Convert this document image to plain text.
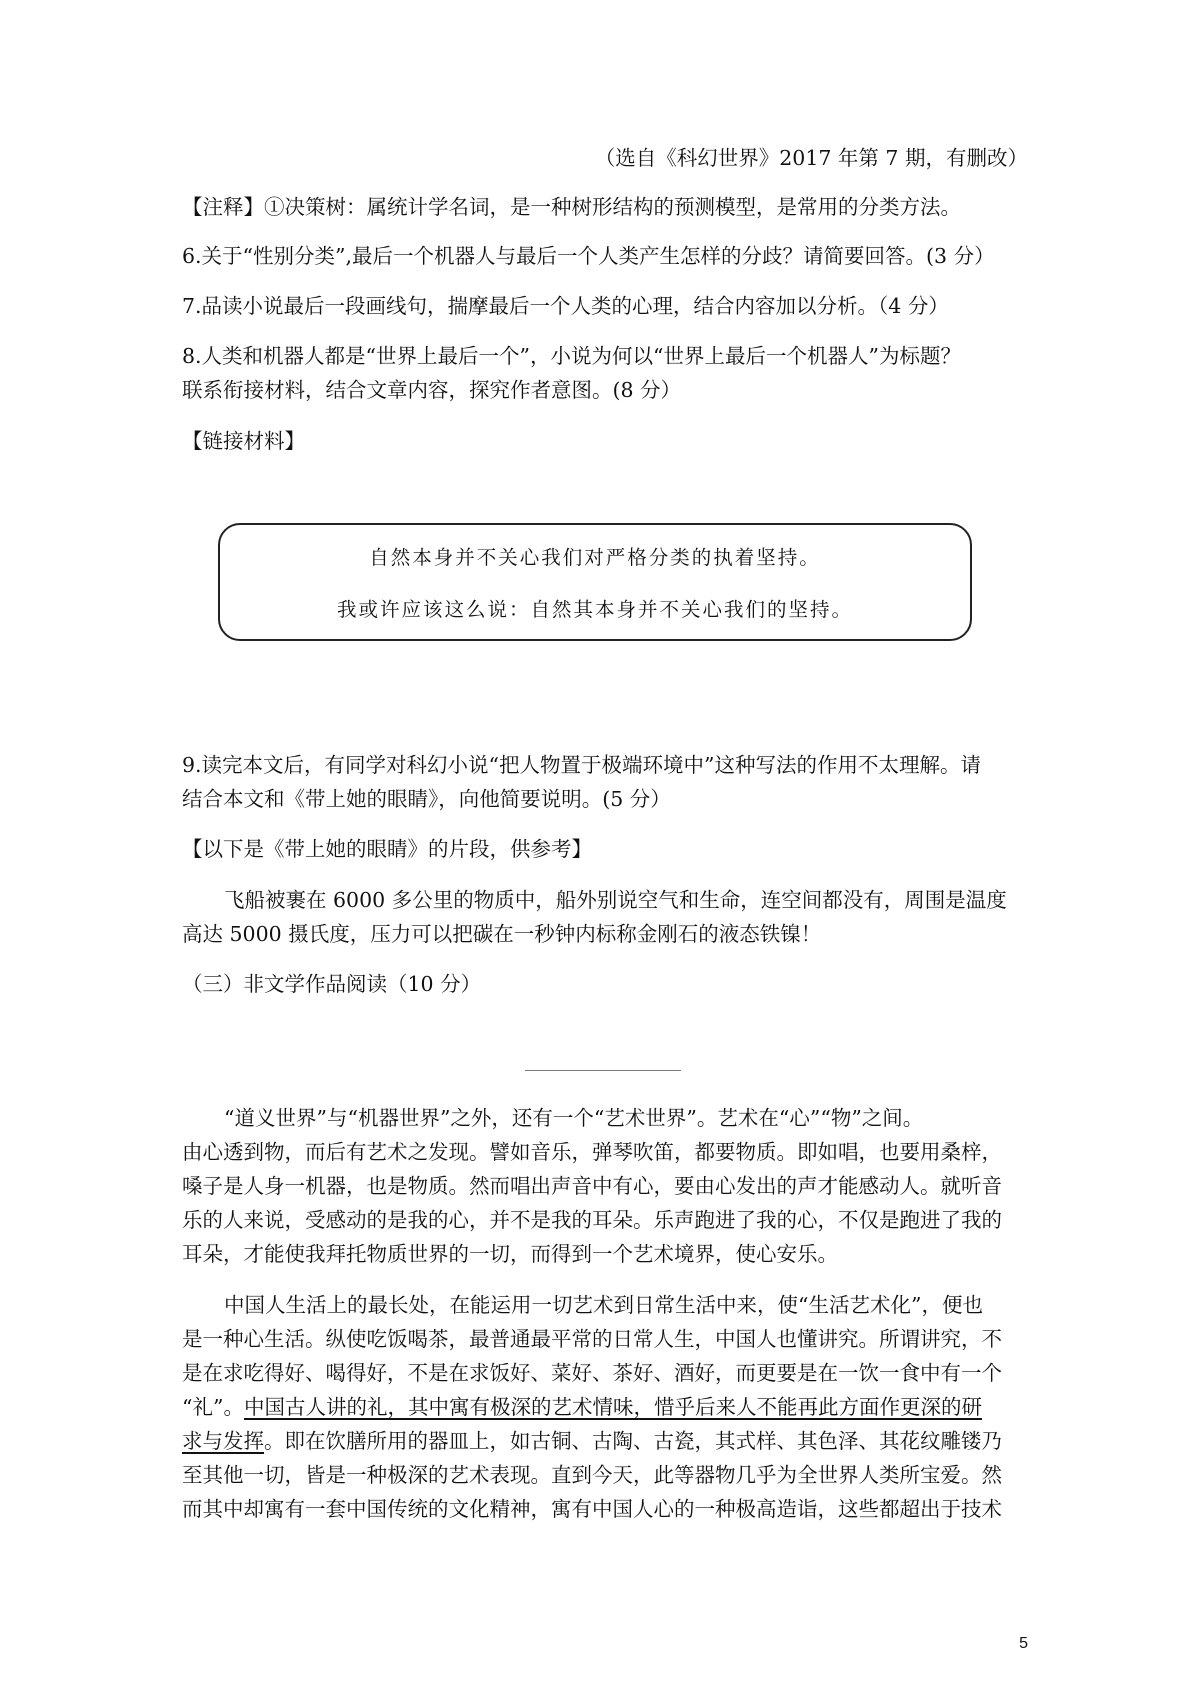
（选自《科幻世界》2017 年第 7 期，有删改）
【注释】①决策树：属统计学名词，是一种树形结构的预测模型，是常用的分类方法。
6.关于“性别分类”,最后一个机器人与最后一个人类产生怎样的分歧？请简要回答。(3 分）
7.品读小说最后一段画线句，揣摩最后一个人类的心理，结合内容加以分析。（4 分）
8.人类和机器人都是“世界上最后一个”，小说为何以“世界上最后一个机器人”为标题？
联系衔接材料，结合文章内容，探究作者意图。(8 分）
【链接材料】
自然本身并不关心我们对严格分类的执着坚持。
我或许应该这么说：自然其本身并不关心我们的坚持。
9.读完本文后，有同学对科幻小说“把人物置于极端环境中”这种写法的作用不太理解。请
结合本文和《带上她的眼睛》，向他简要说明。(5 分）
【以下是《带上她的眼睛》的片段，供参考】
飞船被裹在 6000 多公里的物质中，船外别说空气和生命，连空间都没有，周围是温度
高达 5000 摄氏度，压力可以把碳在一秒钟内标称金刚石的液态铁镍！
（三）非文学作品阅读（10 分）
“道义世界”与“机器世界”之外，还有一个“艺术世界”。艺术在“心”“物”之间。
由心透到物，而后有艺术之发现。譬如音乐，弹琴吹笛，都要物质。即如唱，也要用桑梓，
嗓子是人身一机器，也是物质。然而唱出声音中有心，要由心发出的声才能感动人。就听音
乐的人来说，受感动的是我的心，并不是我的耳朵。乐声跑进了我的心，不仅是跑进了我的
耳朵，才能使我拜托物质世界的一切，而得到一个艺术境界，使心安乐。
中国人生活上的最长处，在能运用一切艺术到日常生活中来，使“生活艺术化”，便也
是一种心生活。纵使吃饭喝茶，最普通最平常的日常人生，中国人也懂讲究。所谓讲究，不
是在求吃得好、喝得好，不是在求饭好、菜好、茶好、酒好，而更要是在一饮一食中有一个
“礼”。中国古人讲的礼，其中寓有极深的艺术情味，惜乎后来人不能再此方面作更深的研
求与发挥。即在饮膳所用的器皿上，如古铜、古陶、古瓷，其式样、其色泽、其花纹雕镂乃
至其他一切，皆是一种极深的艺术表现。直到今天，此等器物几乎为全世界人类所宝爱。然
而其中却寓有一套中国传统的文化精神，寓有中国人心的一种极高造诣，这些都超出于技术
5
